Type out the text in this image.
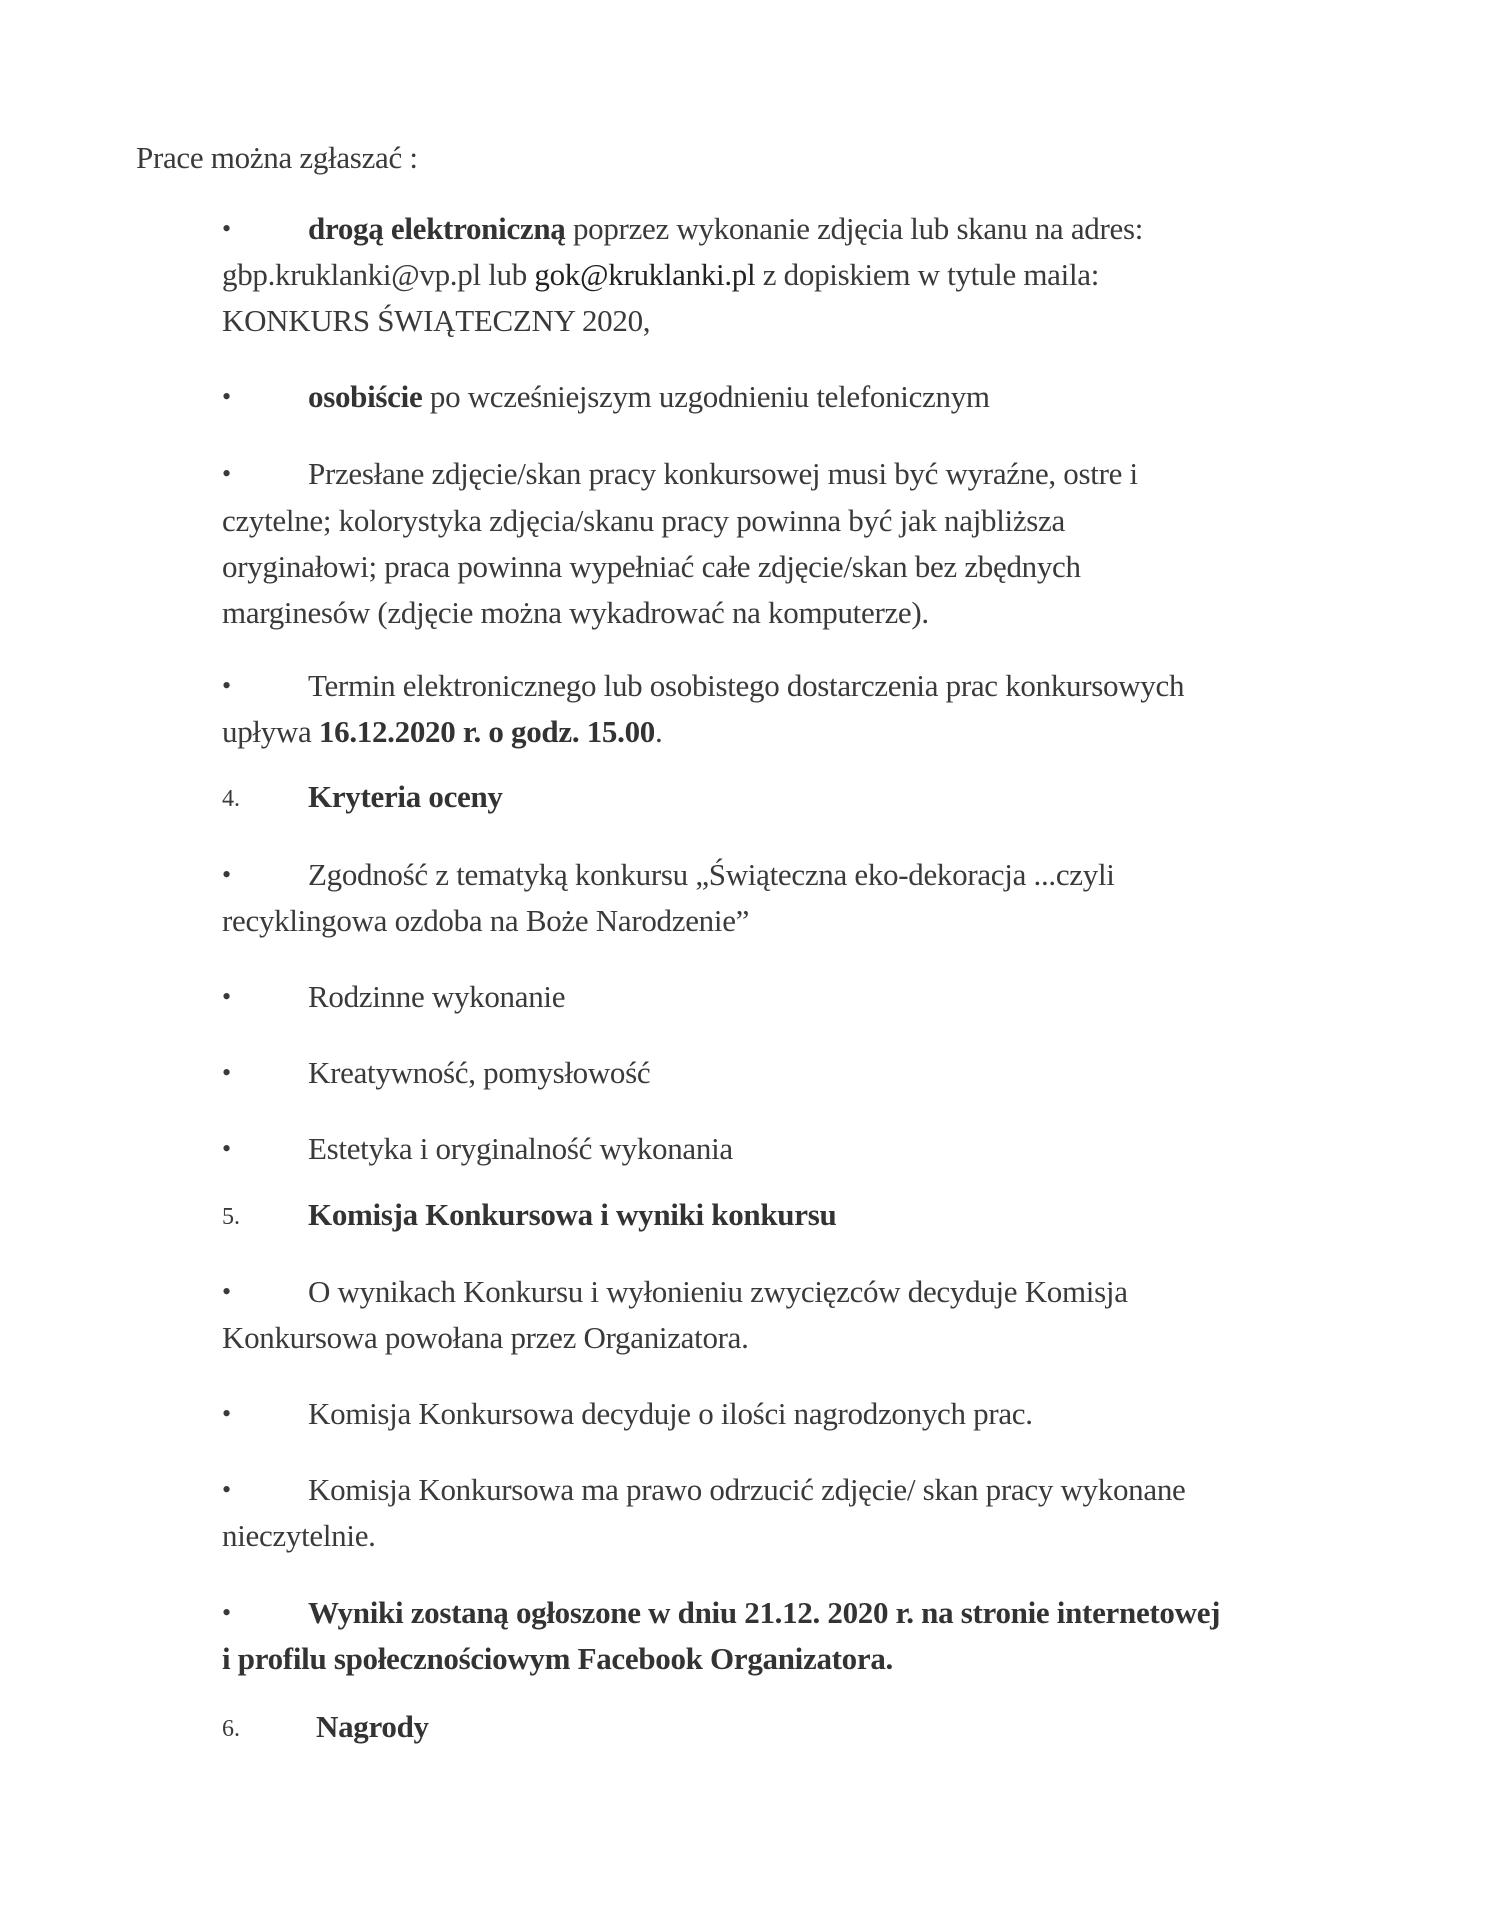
Prace można zgłaszać :
• drogą elektroniczną poprzez wykonanie zdjęcia lub skanu na adres:
gbp.kruklanki@vp.pl lub gok@kruklanki.pl z dopiskiem w tytule maila:
KONKURS ŚWIĄTECZNY 2020,
• osobiście po wcześniejszym uzgodnieniu telefonicznym
• Przesłane zdjęcie/skan pracy konkursowej musi być wyraźne, ostre i
czytelne; kolorystyka zdjęcia/skanu pracy powinna być jak najbliższa
oryginałowi; praca powinna wypełniać całe zdjęcie/skan bez zbędnych
marginesów (zdjęcie można wykadrować na komputerze).
• Termin elektronicznego lub osobistego dostarczenia prac konkursowych
upływa 16.12.2020 r. o godz. 15.00.
4. Kryteria oceny
• Zgodność z tematyką konkursu „Świąteczna eko-dekoracja ...czyli
recyklingowa ozdoba na Boże Narodzenie”
• Rodzinne wykonanie
• Kreatywność, pomysłowość
• Estetyka i oryginalność wykonania
5. Komisja Konkursowa i wyniki konkursu
• O wynikach Konkursu i wyłonieniu zwycięzców decyduje Komisja
Konkursowa powołana przez Organizatora.
• Komisja Konkursowa decyduje o ilości nagrodzonych prac.
• Komisja Konkursowa ma prawo odrzucić zdjęcie/ skan pracy wykonane
nieczytelnie.
• Wyniki zostaną ogłoszone w dniu 21.12. 2020 r. na stronie internetowej
i profilu społecznościowym Facebook Organizatora.
6. Nagrody
